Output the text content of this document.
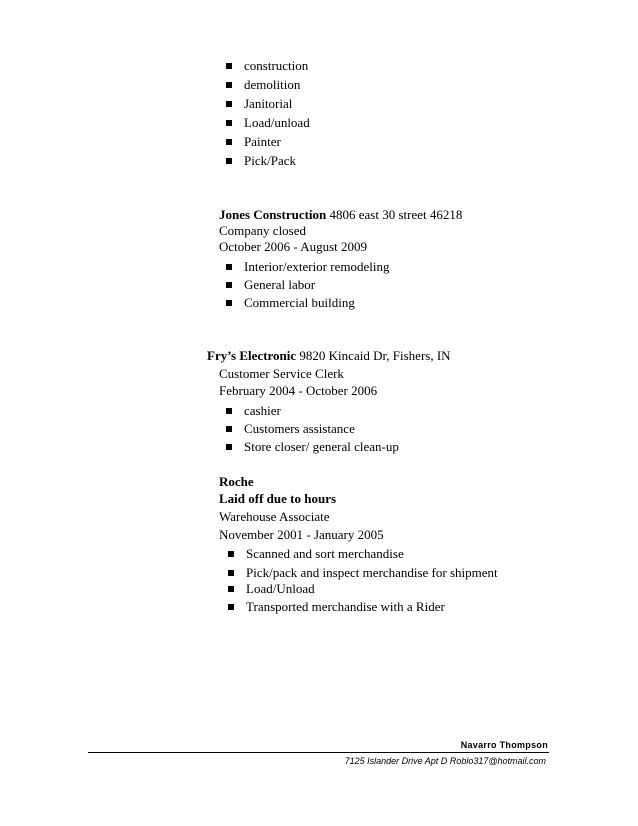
construction
demolition
Janitorial
Load/unload
Painter
Pick/Pack
Jones Construction 4806 east 30 street 46218
Company closed
October 2006 - August 2009
Interior/exterior remodeling
General labor
Commercial building
Fry’s Electronic 9820 Kincaid Dr, Fishers, IN
Customer Service Clerk
February 2004 - October 2006
cashier
Customers assistance
Store closer/ general clean-up
Roche
Laid off due to hours
Warehouse Associate
November 2001 - January 2005
Scanned and sort merchandise
Pick/pack and inspect merchandise for shipment
Load/Unload
Transported merchandise with a Rider
Navarro Thompson
7125 Islander Drive Apt D Roblo317@hotmail.com
